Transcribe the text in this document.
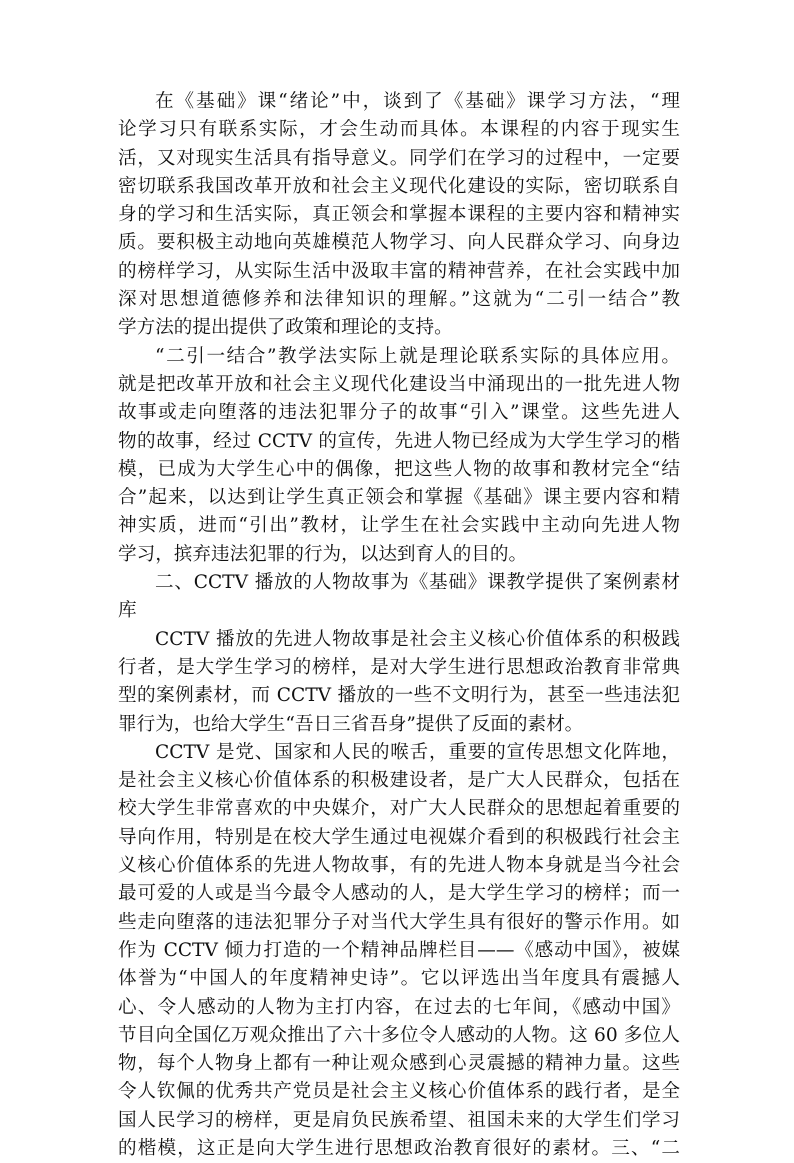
在《基础》课“绪论”中，谈到了《基础》课学习方法，“理
论学习只有联系实际，才会生动而具体。本课程的内容于现实生
活，又对现实生活具有指导意义。同学们在学习的过程中，一定要
密切联系我国改革开放和社会主义现代化建设的实际，密切联系自
身的学习和生活实际，真正领会和掌握本课程的主要内容和精神实
质。要积极主动地向英雄模范人物学习、向人民群众学习、向身边
的榜样学习，从实际生活中汲取丰富的精神营养，在社会实践中加
深对思想道德修养和法律知识的理解。”这就为“二引一结合”教
学方法的提出提供了政策和理论的支持。
“二引一结合”教学法实际上就是理论联系实际的具体应用。
就是把改革开放和社会主义现代化建设当中涌现出的一批先进人物
故事或走向堕落的违法犯罪分子的故事“引入”课堂。这些先进人
物的故事，经过 CCTV 的宣传，先进人物已经成为大学生学习的楷
模，已成为大学生心中的偶像，把这些人物的故事和教材完全“结
合”起来，以达到让学生真正领会和掌握《基础》课主要内容和精
神实质，进而“引出”教材，让学生在社会实践中主动向先进人物
学习，摈弃违法犯罪的行为，以达到育人的目的。
二、CCTV 播放的人物故事为《基础》课教学提供了案例素材
库
CCTV 播放的先进人物故事是社会主义核心价值体系的积极践
行者，是大学生学习的榜样，是对大学生进行思想政治教育非常典
型的案例素材，而 CCTV 播放的一些不文明行为，甚至一些违法犯
罪行为，也给大学生“吾日三省吾身”提供了反面的素材。
CCTV 是党、国家和人民的喉舌，重要的宣传思想文化阵地，
是社会主义核心价值体系的积极建设者，是广大人民群众，包括在
校大学生非常喜欢的中央媒介，对广大人民群众的思想起着重要的
导向作用，特别是在校大学生通过电视媒介看到的积极践行社会主
义核心价值体系的先进人物故事，有的先进人物本身就是当今社会
最可爱的人或是当今最令人感动的人，是大学生学习的榜样；而一
些走向堕落的违法犯罪分子对当代大学生具有很好的警示作用。如
作为 CCTV 倾力打造的一个精神品牌栏目——《感动中国》，被媒
体誉为“中国人的年度精神史诗”。它以评选出当年度具有震撼人
心、令人感动的人物为主打内容，在过去的七年间，《感动中国》
节目向全国亿万观众推出了六十多位令人感动的人物。这 60 多位人
物，每个人物身上都有一种让观众感到心灵震撼的精神力量。这些
令人钦佩的优秀共产党员是社会主义核心价值体系的践行者，是全
国人民学习的榜样，更是肩负民族希望、祖国未来的大学生们学习
的楷模，这正是向大学生进行思想政治教育很好的素材。三、“二
